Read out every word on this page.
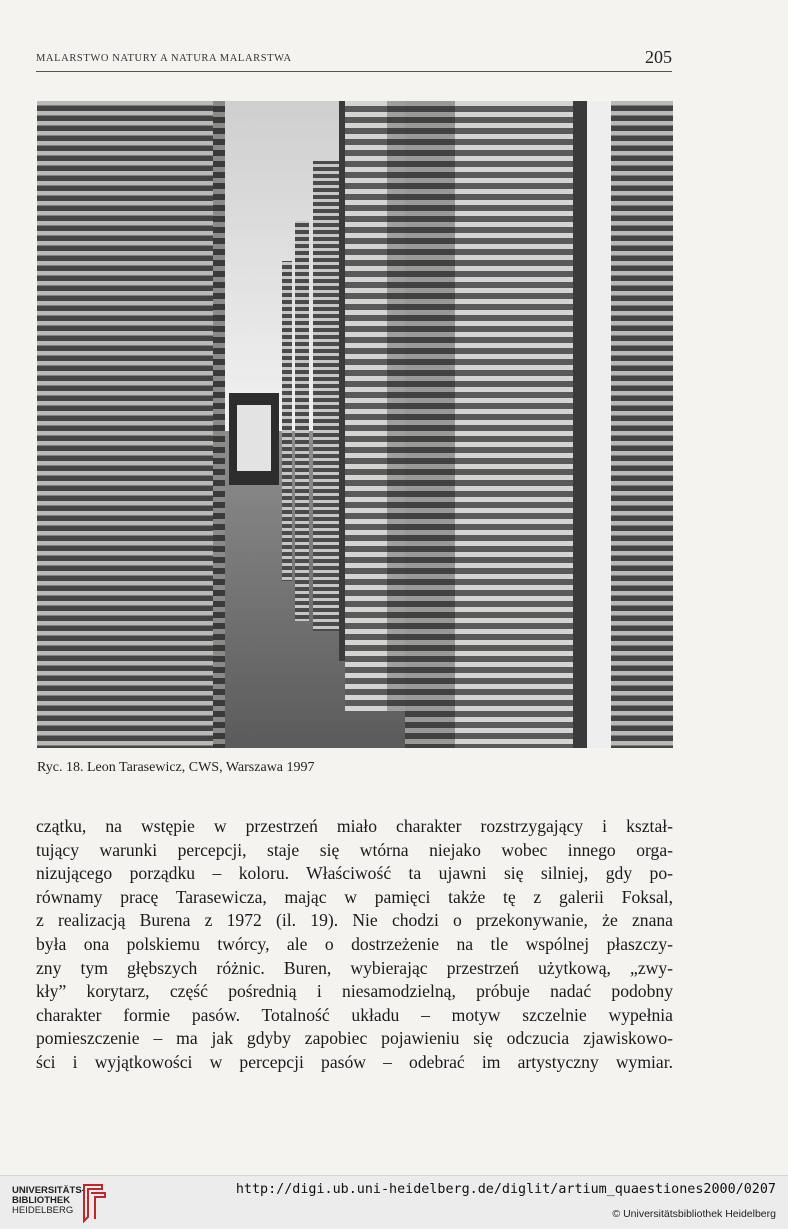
MALARSTWO NATURY A NATURA MALARSTWA	205
Ryc. 18. Leon Tarasewicz, CWS, Warszawa 1997
czątku, na wstępie w przestrzeń miało charakter rozstrzygający i kształ-
tujący warunki percepcji, staje się wtórna niejako wobec innego orga-
nizującego porządku – koloru. Właściwość ta ujawni się silniej, gdy po-
równamy pracę Tarasewicza, mając w pamięci także tę z galerii Foksal,
z realizacją Burena z 1972 (il. 19). Nie chodzi o przekonywanie, że znana
była ona polskiemu twórcy, ale o dostrzeżenie na tle wspólnej płaszczy-
zny tym głębszych różnic. Buren, wybierając przestrzeń użytkową, „zwy-
kły” korytarz, część pośrednią i niesamodzielną, próbuje nadać podobny
charakter formie pasów. Totalność układu – motyw szczelnie wypełnia
pomieszczenie – ma jak gdyby zapobiec pojawieniu się odczucia zjawiskowo-
ści i wyjątkowości w percepcji pasów – odebrać im artystyczny wymiar.
UNIVERSITÄTS-
BIBLIOTHEK
HEIDELBERG
http://digi.ub.uni-heidelberg.de/diglit/artium_quaestiones2000/0207
© Universitätsbibliothek Heidelberg
